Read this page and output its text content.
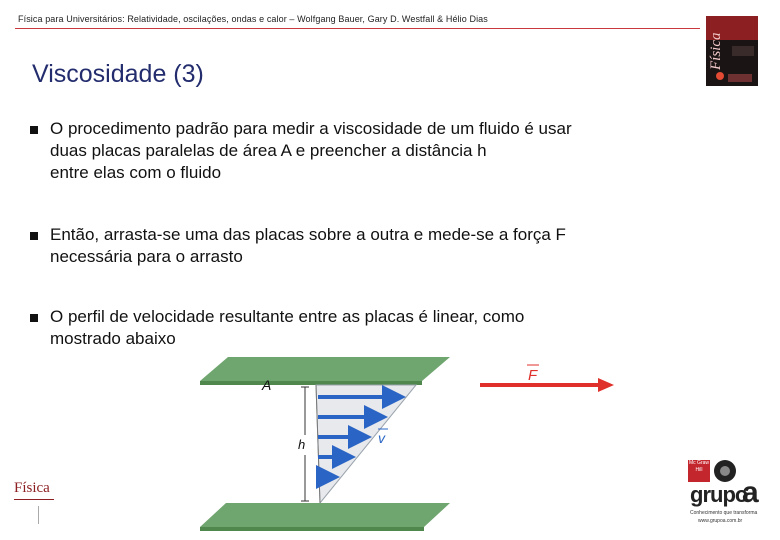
Física para Universitários: Relatividade, oscilações, ondas e calor – Wolfgang Bauer, Gary D. Westfall & Hélio Dias
Física
Viscosidade (3)
O procedimento padrão para medir a viscosidade de um fluido é usar
duas placas paralelas de área A e preencher a distância h
entre elas com o fluido
Então, arrasta-se uma das placas sobre a outra e mede-se a força F
necessária para o arrasto
O perfil de velocidade resultante entre as placas é linear, como
mostrado abaixo
A
h	v
F
Física
Mc Graw Hill
grupo
a
Conhecimento que transforma
www.grupoa.com.br
